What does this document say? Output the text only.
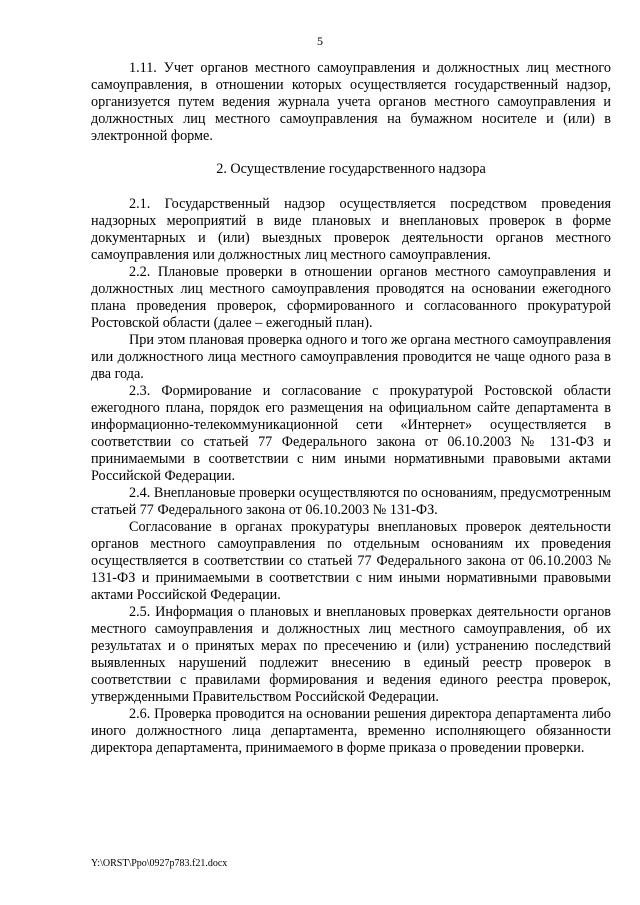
5

1.11. Учет органов местного самоуправления и должностных лиц местного самоуправления, в отношении которых осуществляется государственный надзор, организуется путем ведения журнала учета органов местного самоуправления и должностных лиц местного самоуправления на бумажном носителе и (или) в электронной форме.

2. Осуществление государственного надзора

2.1. Государственный надзор осуществляется посредством проведения надзорных мероприятий в виде плановых и внеплановых проверок в форме документарных и (или) выездных проверок деятельности органов местного самоуправления или должностных лиц местного самоуправления.

2.2. Плановые проверки в отношении органов местного самоуправления и должностных лиц местного самоуправления проводятся на основании ежегодного плана проведения проверок, сформированного и согласованного прокуратурой Ростовской области (далее – ежегодный план).

При этом плановая проверка одного и того же органа местного самоуправления или должностного лица местного самоуправления проводится не чаще одного раза в два года.

2.3. Формирование и согласование с прокуратурой Ростовской области ежегодного плана, порядок его размещения на официальном сайте департамента в информационно-телекоммуникационной сети «Интернет» осуществляется в соответствии со статьей 77 Федерального закона от 06.10.2003 № 131-ФЗ и принимаемыми в соответствии с ним иными нормативными правовыми актами Российской Федерации.

2.4. Внеплановые проверки осуществляются по основаниям, предусмотренным статьей 77 Федерального закона от 06.10.2003 № 131-ФЗ.

Согласование в органах прокуратуры внеплановых проверок деятельности органов местного самоуправления по отдельным основаниям их проведения осуществляется в соответствии со статьей 77 Федерального закона от 06.10.2003 № 131-ФЗ и принимаемыми в соответствии с ним иными нормативными правовыми актами Российской Федерации.

2.5. Информация о плановых и внеплановых проверках деятельности органов местного самоуправления и должностных лиц местного самоуправления, об их результатах и о принятых мерах по пресечению и (или) устранению последствий выявленных нарушений подлежит внесению в единый реестр проверок в соответствии с правилами формирования и ведения единого реестра проверок, утвержденными Правительством Российской Федерации.

2.6. Проверка проводится на основании решения директора департамента либо иного должностного лица департамента, временно исполняющего обязанности директора департамента, принимаемого в форме приказа о проведении проверки.

Y:\ORST\Ppo\0927p783.f21.docx
